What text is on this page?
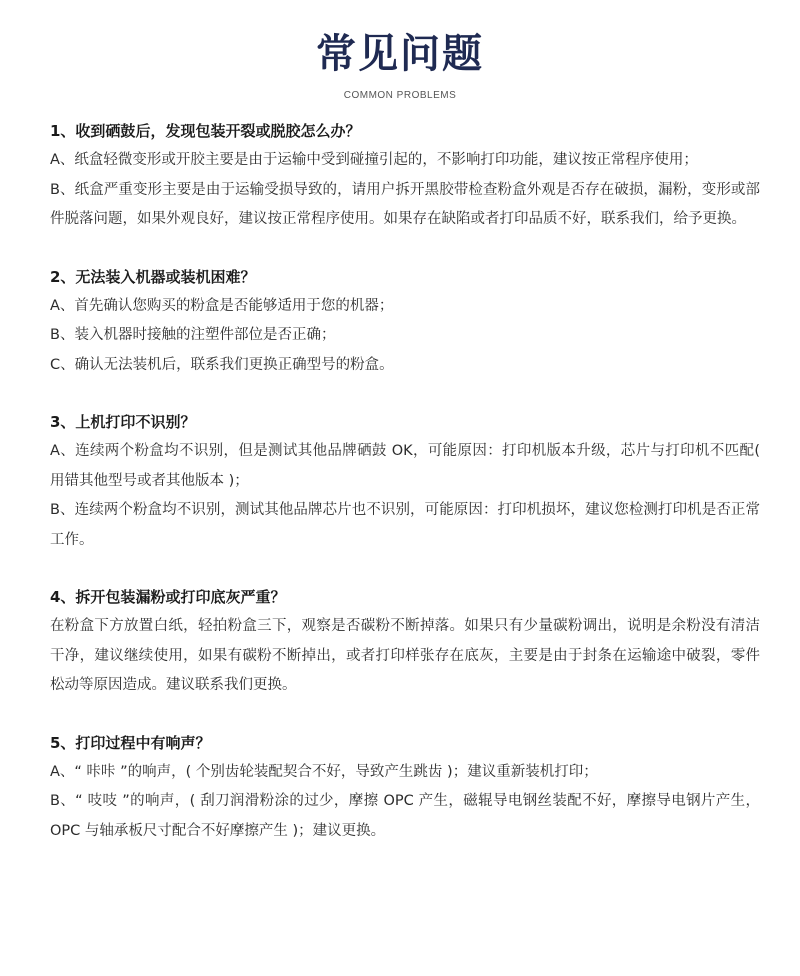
常见问题
COMMON PROBLEMS
1、收到硒鼓后，发现包装开裂或脱胶怎么办？
A、纸盒轻微变形或开胶主要是由于运输中受到碰撞引起的，不影响打印功能，建议按正常程序使用；
B、纸盒严重变形主要是由于运输受损导致的，请用户拆开黑胶带检查粉盒外观是否存在破损，漏粉，变形或部件脱落问题，如果外观良好，建议按正常程序使用。如果存在缺陷或者打印品质不好，联系我们，给予更换。
2、无法装入机器或装机困难？
A、首先确认您购买的粉盒是否能够适用于您的机器；
B、装入机器时接触的注塑件部位是否正确；
C、确认无法装机后，联系我们更换正确型号的粉盒。
3、上机打印不识别？
A、连续两个粉盒均不识别，但是测试其他品牌硒鼓 OK，可能原因：打印机版本升级，芯片与打印机不匹配( 用错其他型号或者其他版本 )；
B、连续两个粉盒均不识别，测试其他品牌芯片也不识别，可能原因：打印机损坏，建议您检测打印机是否正常工作。
4、拆开包装漏粉或打印底灰严重？
在粉盒下方放置白纸，轻拍粉盒三下，观察是否碳粉不断掉落。如果只有少量碳粉调出，说明是余粉没有清洁干净，建议继续使用，如果有碳粉不断掉出，或者打印样张存在底灰，主要是由于封条在运输途中破裂，零件松动等原因造成。建议联系我们更换。
5、打印过程中有响声？
A、“ 咔咔 ”的响声，( 个别齿轮装配契合不好，导致产生跳齿 )；建议重新装机打印；
B、“ 吱吱 ”的响声，( 刮刀润滑粉涂的过少，摩擦 OPC 产生，磁辊导电钢丝装配不好，摩擦导电钢片产生，OPC 与轴承板尺寸配合不好摩擦产生 )；建议更换。
